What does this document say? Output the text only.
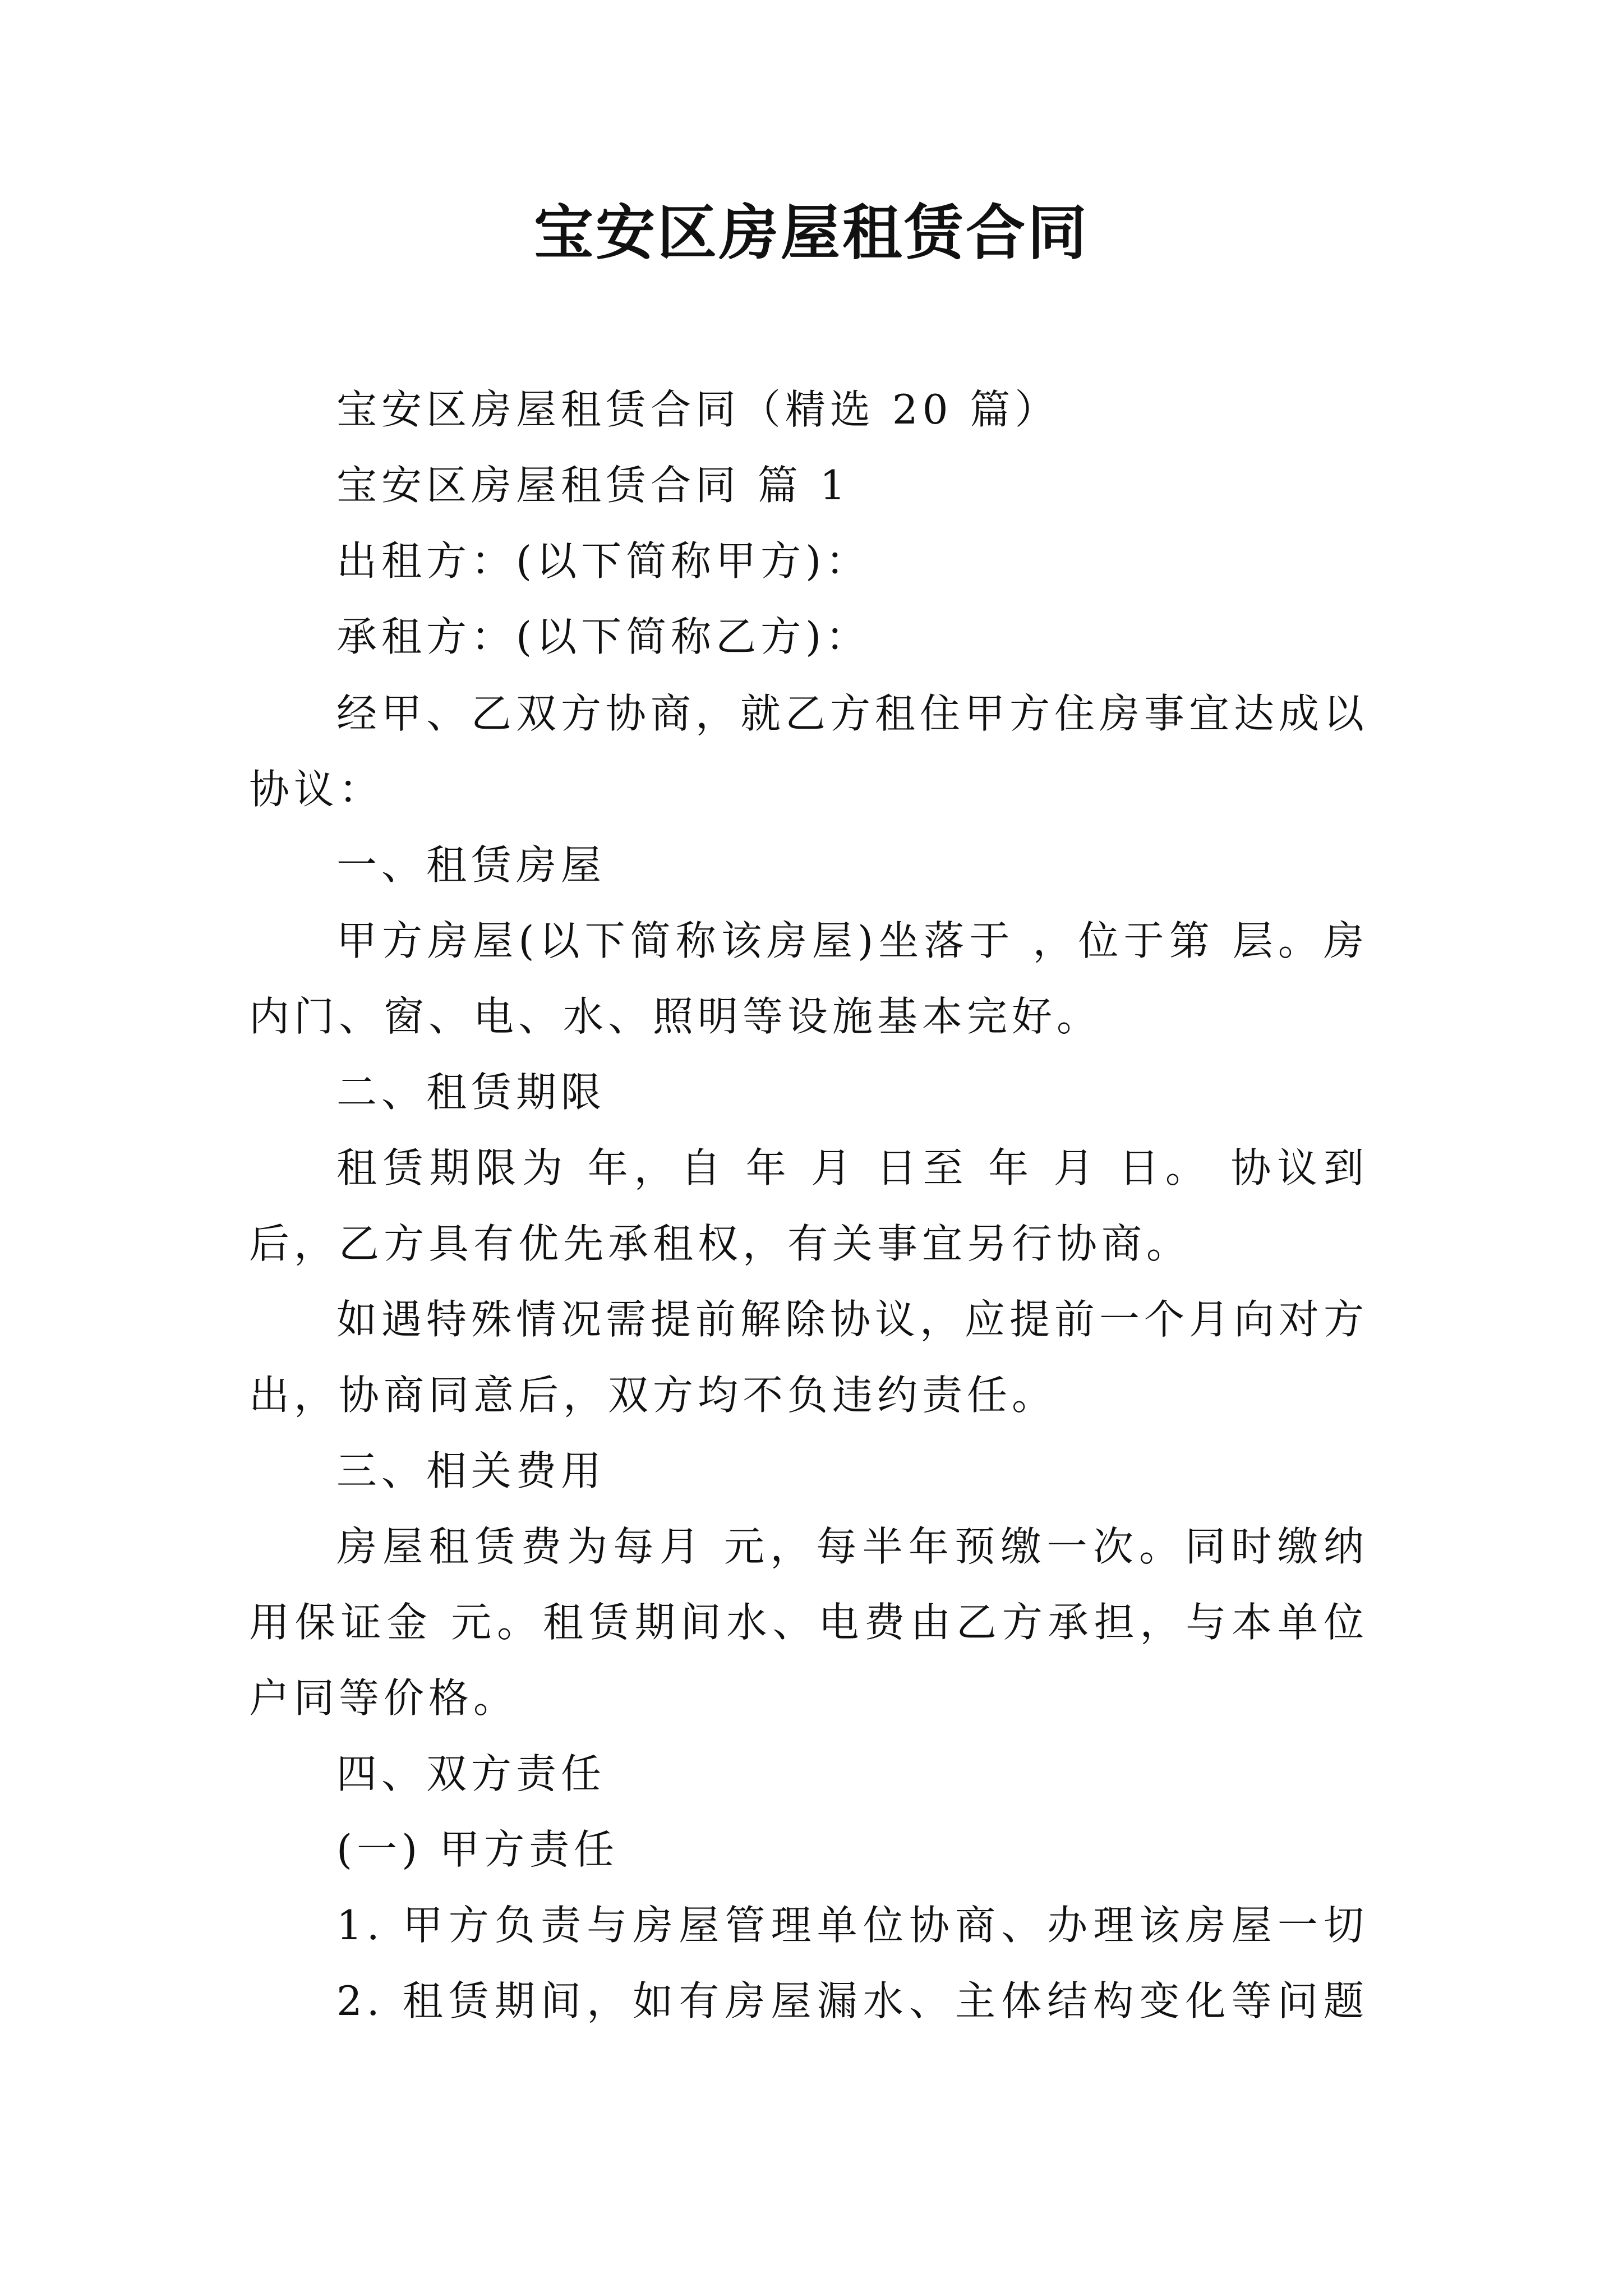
宝安区房屋租赁合同
宝安区房屋租赁合同（精选 20 篇）
宝安区房屋租赁合同 篇 1
出租方：(以下简称甲方)：
承租方：(以下简称乙方)：
经甲、乙双方协商，就乙方租住甲方住房事宜达成以
协议：
一、租赁房屋
甲方房屋(以下简称该房屋)坐落于 ，位于第 层。房
内门、窗、电、水、照明等设施基本完好。
二、租赁期限
租赁期限为 年，自 年 月 日至 年 月 日。 协议到
后，乙方具有优先承租权，有关事宜另行协商。
如遇特殊情况需提前解除协议，应提前一个月向对方
出，协商同意后，双方均不负违约责任。
三、相关费用
房屋租赁费为每月 元，每半年预缴一次。同时缴纳
用保证金 元。租赁期间水、电费由乙方承担，与本单位
户同等价格。
四、双方责任
(一) 甲方责任
1. 甲方负责与房屋管理单位协商、办理该房屋一切
2. 租赁期间，如有房屋漏水、主体结构变化等问题
